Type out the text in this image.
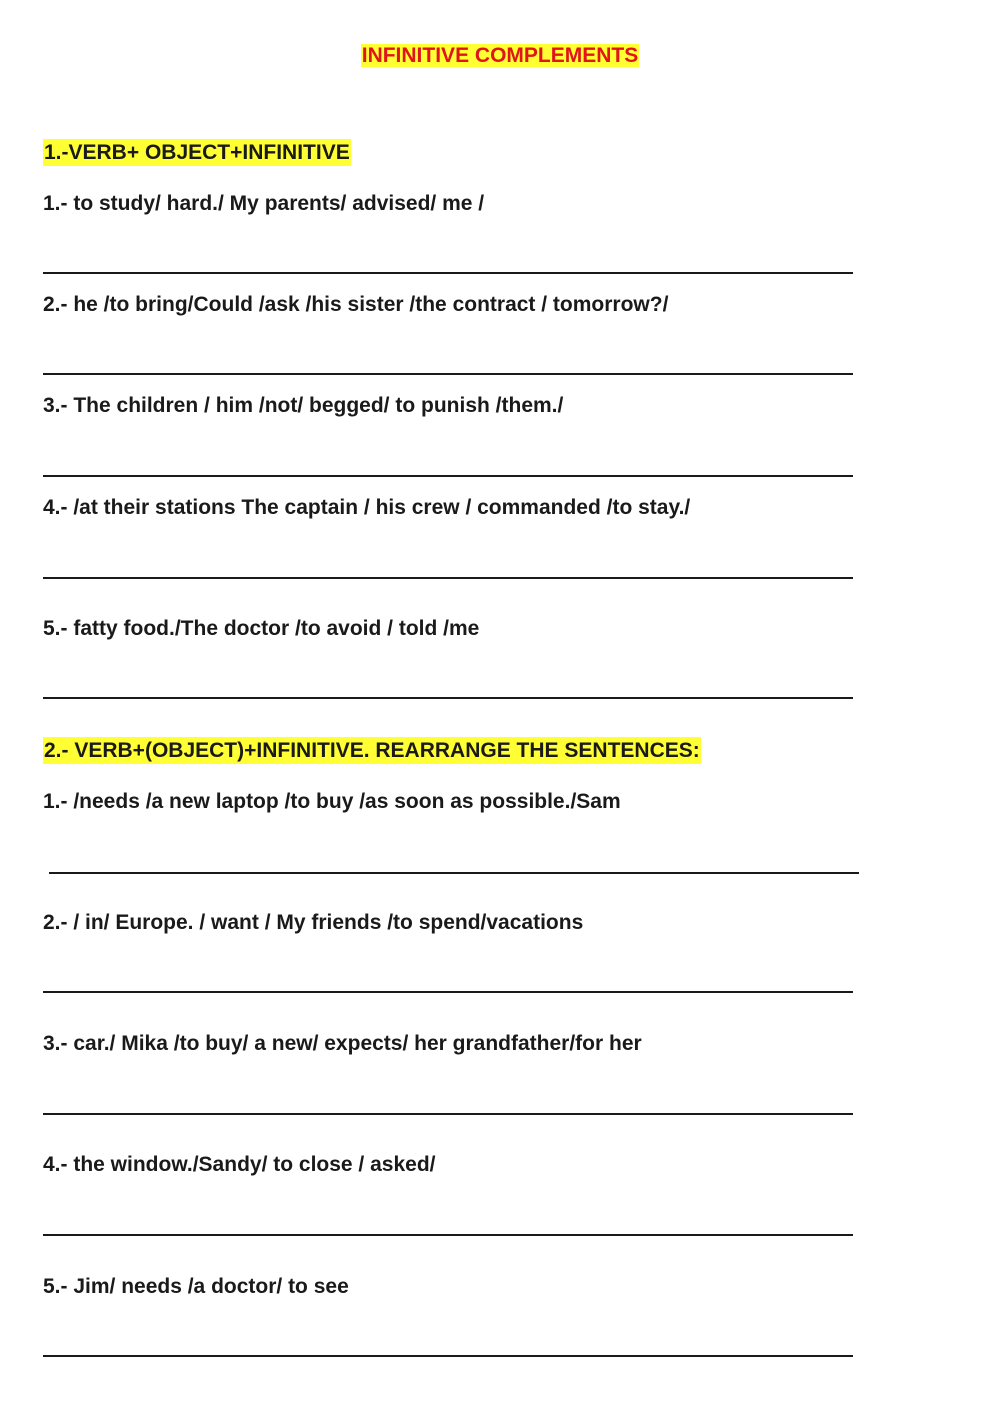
INFINITIVE COMPLEMENTS
1.-VERB+ OBJECT+INFINITIVE
1.- to study/ hard./ My parents/ advised/ me /
2.- he /to bring/Could /ask /his sister /the contract / tomorrow?/
3.- The children / him /not/ begged/ to punish /them./
4.- /at their stations The captain / his crew / commanded /to stay./
5.- fatty food./The doctor /to avoid / told /me
2.- VERB+(OBJECT)+INFINITIVE. REARRANGE THE SENTENCES:
1.- /needs /a new laptop /to buy /as soon as possible./Sam
2.- / in/ Europe. / want / My friends /to spend/vacations
3.- car./ Mika /to buy/ a new/ expects/ her grandfather/for her
4.- the window./Sandy/ to close / asked/
5.- Jim/ needs /a doctor/ to see
